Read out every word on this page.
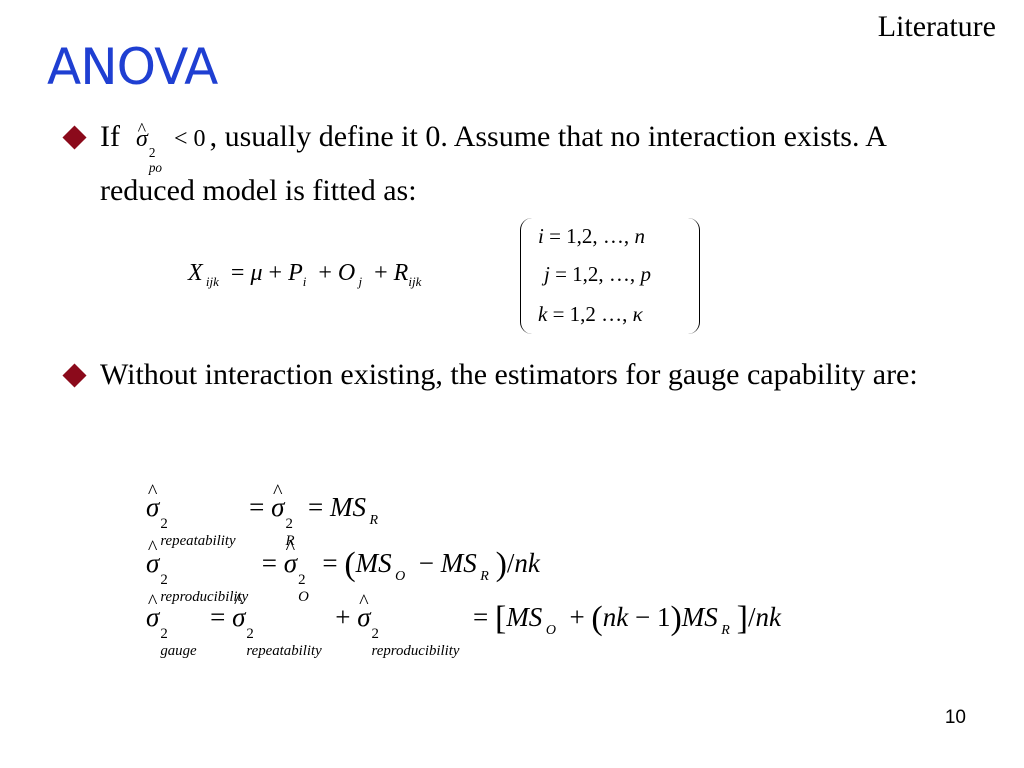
Literature
ANOVA
If^ σ
2
po
< 0 , usually define it 0. Assume that no interaction exists. A reduced model is fitted as:
X $_{ijk} = \mu + P_i + O$ $_j + R_{ijk}$
i = 1,2, …, n
j = 1,2, …, p
k = 1,2 …, κ
Without interaction existing, the estimators for gauge capability are:
^ σ
2
repeatability
= ^ σ
2
R
= MS $_R$
^ σ
2
reproducibility
= ^ σ
2
O
= (MS $_O$  − MS $_R$ )/nk
^ σ
2
gauge
= ^ σ
2
repeatability
+ ^ σ
2
reproducibility
= [MS $_O$  + (nk − 1)MS $_R$ ]/nk
10
